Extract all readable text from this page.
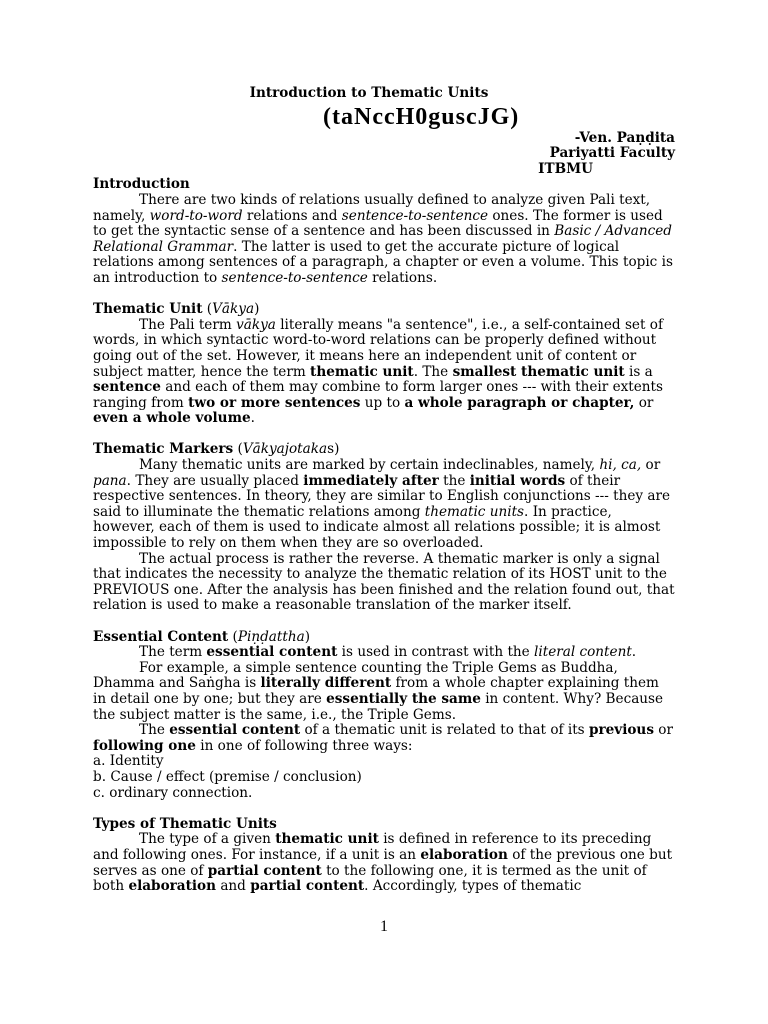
Introduction to Thematic Units
(taNccH0guscJG)
-Ven. Paṇḍita
Pariyatti Faculty
ITBMU
Introduction

There are two kinds of relations usually defined to analyze given Pali text, namely, word-to-word relations and sentence-to-sentence ones. The former is used to get the syntactic sense of a sentence and has been discussed in Basic / Advanced Relational Grammar. The latter is used to get the accurate picture of logical relations among sentences of a paragraph, a chapter or even a volume. This topic is an introduction to sentence-to-sentence relations.

Thematic Unit (Vākya)

The Pali term vākya literally means "a sentence", i.e., a self-contained set of words, in which syntactic word-to-word relations can be properly defined without going out of the set. However, it means here an independent unit of content or subject matter, hence the term thematic unit. The smallest thematic unit is a sentence and each of them may combine to form larger ones --- with their extents ranging from two or more sentences up to a whole paragraph or chapter, or even a whole volume.

Thematic Markers (Vākyajotakas)

Many thematic units are marked by certain indeclinables, namely, hi, ca, or pana. They are usually placed immediately after the initial words of their respective sentences. In theory, they are similar to English conjunctions --- they are said to illuminate the thematic relations among thematic units. In practice, however, each of them is used to indicate almost all relations possible; it is almost impossible to rely on them when they are so overloaded.

The actual process is rather the reverse. A thematic marker is only a signal that indicates the necessity to analyze the thematic relation of its HOST unit to the PREVIOUS one. After the analysis has been finished and the relation found out, that relation is used to make a reasonable translation of the marker itself.

Essential Content (Piṇḍattha)

The term essential content is used in contrast with the literal content.

For example, a simple sentence counting the Triple Gems as Buddha, Dhamma and Saṅgha is literally different from a whole chapter explaining them in detail one by one; but they are essentially the same in content. Why? Because the subject matter is the same, i.e., the Triple Gems.

The essential content of a thematic unit is related to that of its previous or following one in one of following three ways:

a. Identity
b. Cause / effect (premise / conclusion)
c. ordinary connection.
Types of Thematic Units

The type of a given thematic unit is defined in reference to its preceding and following ones. For instance, if a unit is an elaboration of the previous one but serves as one of partial content to the following one, it is termed as the unit of both elaboration and partial content. Accordingly, types of thematic

1
